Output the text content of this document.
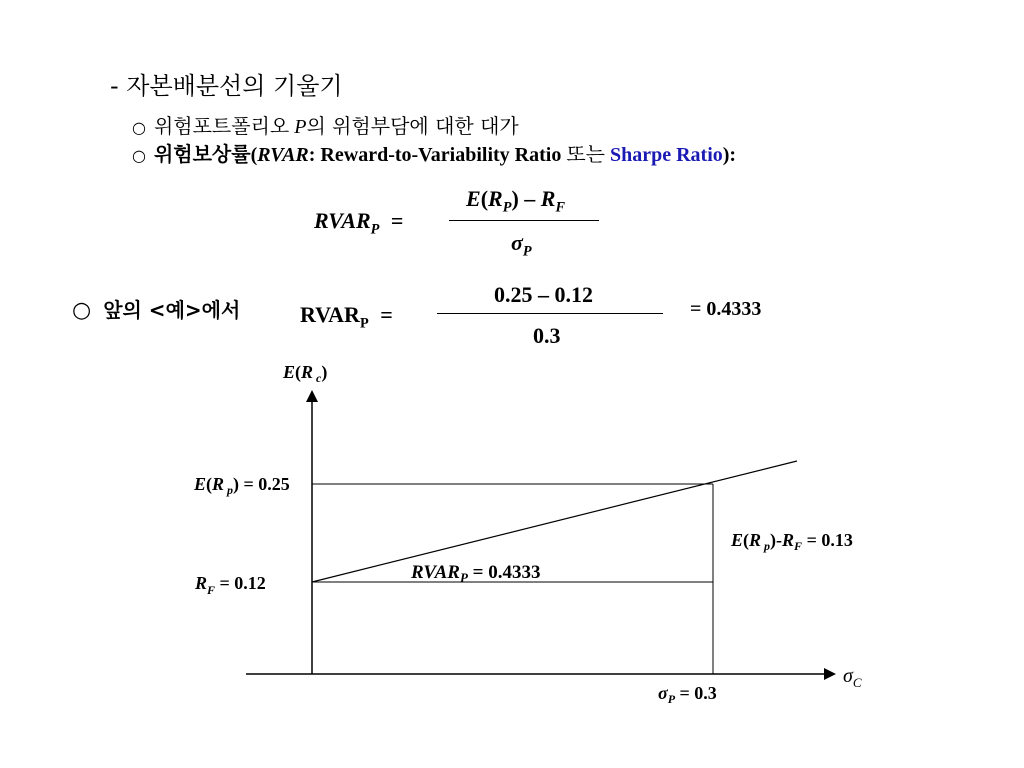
- 자본배분선의 기울기
○ 위험포트폴리오 P의 위험부담에 대한 대가
○ 위험보상률(RVAR: Reward-to-Variability Ratio 또는 Sharpe Ratio):
$RVAR_P$ =
$E(R_P) - R_F$
$\sigma_P$
○ 앞의 <예>에서	$RVAR_P$ =
0.25 – 0.12
0.3
= 0.4333
E(R $_c$)
$\sigma_C$
E(R $_p$) = 0.25
$R_F = 0.12$	$RVAR_P = 0.4333$
E(R $_p)-R_F = 0.13$
$\sigma_P = 0.3$
